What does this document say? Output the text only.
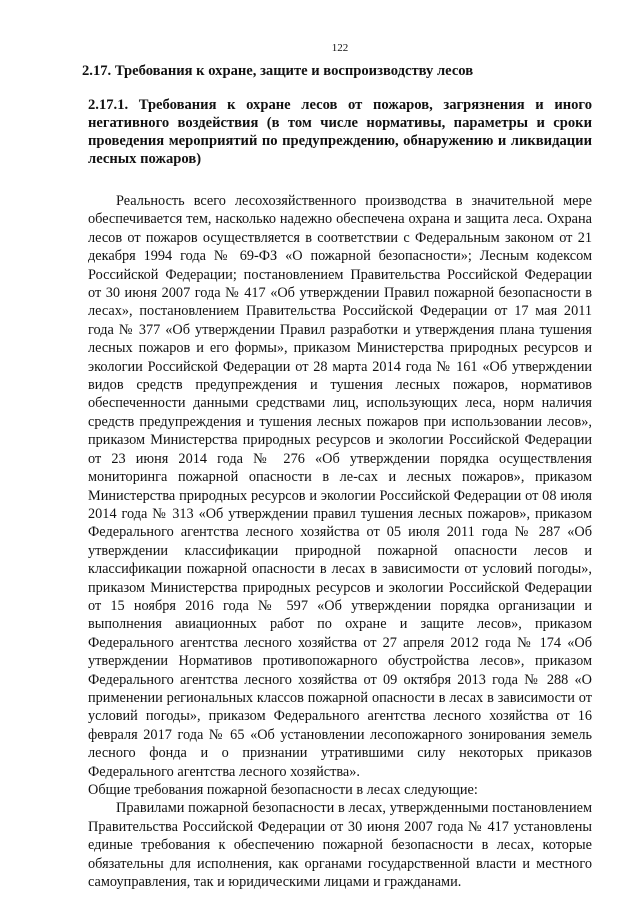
122
2.17. Требования к охране, защите и воспроизводству лесов
2.17.1. Требования к охране лесов от пожаров, загрязнения и иного негативного воздействия (в том числе нормативы, параметры и сроки проведения мероприятий по предупреждению, обнаружению и ликвидации лесных пожаров)

Реальность всего лесохозяйственного производства в значительной мере обеспечивается тем, насколько надежно обеспечена охрана и защита леса. Охрана лесов от пожаров осуществляется в соответствии с Федеральным законом от 21 декабря 1994 года № 69-ФЗ «О пожарной безопасности»; Лесным кодексом Российской Федерации; постановлением Правительства Российской Федерации от 30 июня 2007 года № 417 «Об утверждении Правил пожарной безопасности в лесах», постановлением Правительства Российской Федерации от 17 мая 2011 года № 377 «Об утверждении Правил разработки и утверждения плана тушения лесных пожаров и его формы», приказом Министерства природных ресурсов и экологии Российской Федерации от 28 марта 2014 года № 161 «Об утверждении видов средств предупреждения и тушения лесных пожаров, нормативов обеспеченности данными средствами лиц, использующих леса, норм наличия средств предупреждения и тушения лесных пожаров при использовании лесов», приказом Министерства природных ресурсов и экологии Российской Федерации от 23 июня 2014 года № 276 «Об утверждении порядка осуществления мониторинга пожарной опасности в ле-сах и лесных пожаров», приказом Министерства природных ресурсов и экологии Российской Федерации от 08 июля 2014 года № 313 «Об утверждении правил тушения лесных пожаров», приказом Федерального агентства лесного хозяйства от 05 июля 2011 года № 287 «Об утверждении классификации природной пожарной опасности лесов и классификации пожарной опасности в лесах в зависимости от условий погоды», приказом Министерства природных ресурсов и экологии Российской Федерации от 15 ноября 2016 года № 597 «Об утверждении порядка организации и выполнения авиационных работ по охране и защите лесов», приказом Федерального агентства лесного хозяйства от 27 апреля 2012 года № 174 «Об утверждении Нормативов противопожарного обустройства лесов», приказом Федерального агентства лесного хозяйства от 09 октября 2013 года № 288 «О применении региональных классов пожарной опасности в лесах в зависимости от условий погоды», приказом Федерального агентства лесного хозяйства от 16 февраля 2017 года № 65 «Об установлении лесопожарного зонирования земель лесного фонда и о признании утратившими силу некоторых приказов Федерального агентства лесного хозяйства».

Общие требования пожарной безопасности в лесах следующие:

Правилами пожарной безопасности в лесах, утвержденными постановлением Правительства Российской Федерации от 30 июня 2007 года № 417 установлены единые требования к обеспечению пожарной безопасности в лесах, которые обязательны для исполнения, как органами государственной власти и местного самоуправления, так и юридическими лицами и гражданами.
